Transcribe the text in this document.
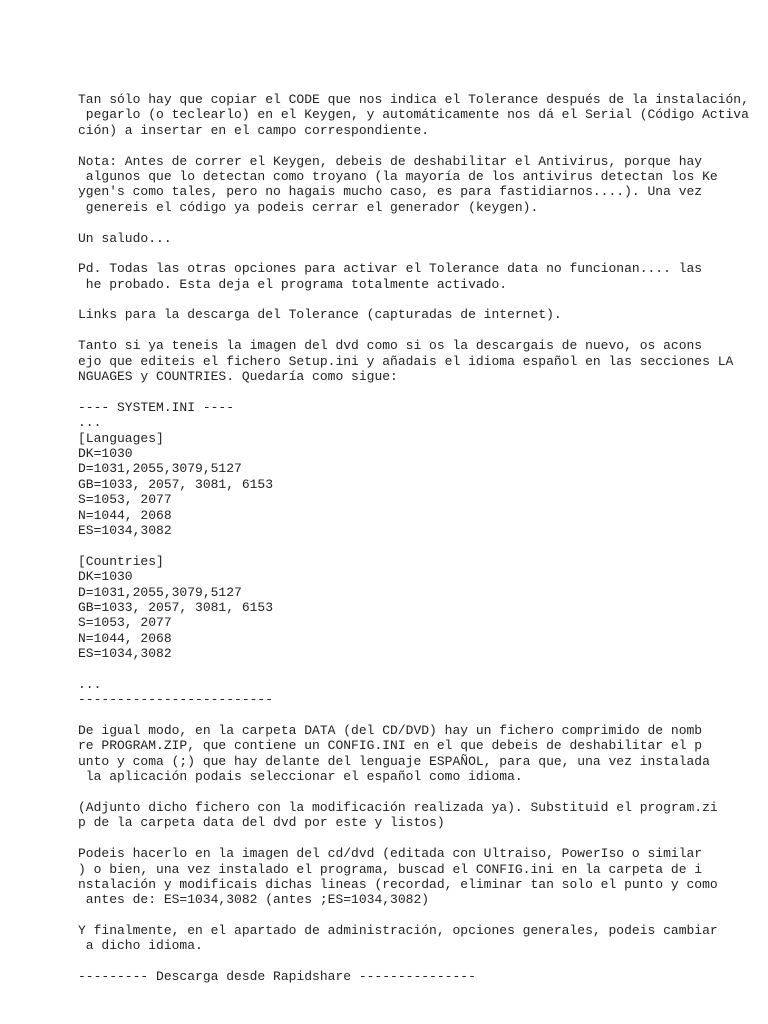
Tan sólo hay que copiar el CODE que nos indica el Tolerance después de la instalación,
pegarlo (o teclearlo) en el Keygen, y automáticamente nos dá el Serial (Código Activa
ción) a insertar en el campo correspondiente.
Nota: Antes de correr el Keygen, debeis de deshabilitar el Antivirus, porque hay
algunos que lo detectan como troyano (la mayoría de los antivirus detectan los Ke
ygen's como tales, pero no hagais mucho caso, es para fastidiarnos....). Una vez
genereis el código ya podeis cerrar el generador (keygen).
Un saludo...
Pd. Todas las otras opciones para activar el Tolerance data no funcionan.... las
he probado. Esta deja el programa totalmente activado.
Links para la descarga del Tolerance (capturadas de internet).
Tanto si ya teneis la imagen del dvd como si os la descargais de nuevo, os acons
ejo que editeis el fichero Setup.ini y añadais el idioma español en las secciones LA
NGUAGES y COUNTRIES. Quedaría como sigue:
---- SYSTEM.INI ----
...
[Languages]
DK=1030
D=1031,2055,3079,5127
GB=1033, 2057, 3081, 6153
S=1053, 2077
N=1044, 2068
ES=1034,3082
[Countries]
DK=1030
D=1031,2055,3079,5127
GB=1033, 2057, 3081, 6153
S=1053, 2077
N=1044, 2068
ES=1034,3082
...
-------------------------
De igual modo, en la carpeta DATA (del CD/DVD) hay un fichero comprimido de nomb
re PROGRAM.ZIP, que contiene un CONFIG.INI en el que debeis de deshabilitar el p
unto y coma (;) que hay delante del lenguaje ESPAÑOL, para que, una vez instalada
la aplicación podais seleccionar el español como idioma.
(Adjunto dicho fichero con la modificación realizada ya). Substituid el program.zi
p de la carpeta data del dvd por este y listos)
Podeis hacerlo en la imagen del cd/dvd (editada con Ultraiso, PowerIso o similar
) o bien, una vez instalado el programa, buscad el CONFIG.ini en la carpeta de i
nstalación y modificais dichas lineas (recordad, eliminar tan solo el punto y como
antes de: ES=1034,3082 (antes ;ES=1034,3082)
Y finalmente, en el apartado de administración, opciones generales, podeis cambiar
a dicho idioma.
--------- Descarga desde Rapidshare ---------------
